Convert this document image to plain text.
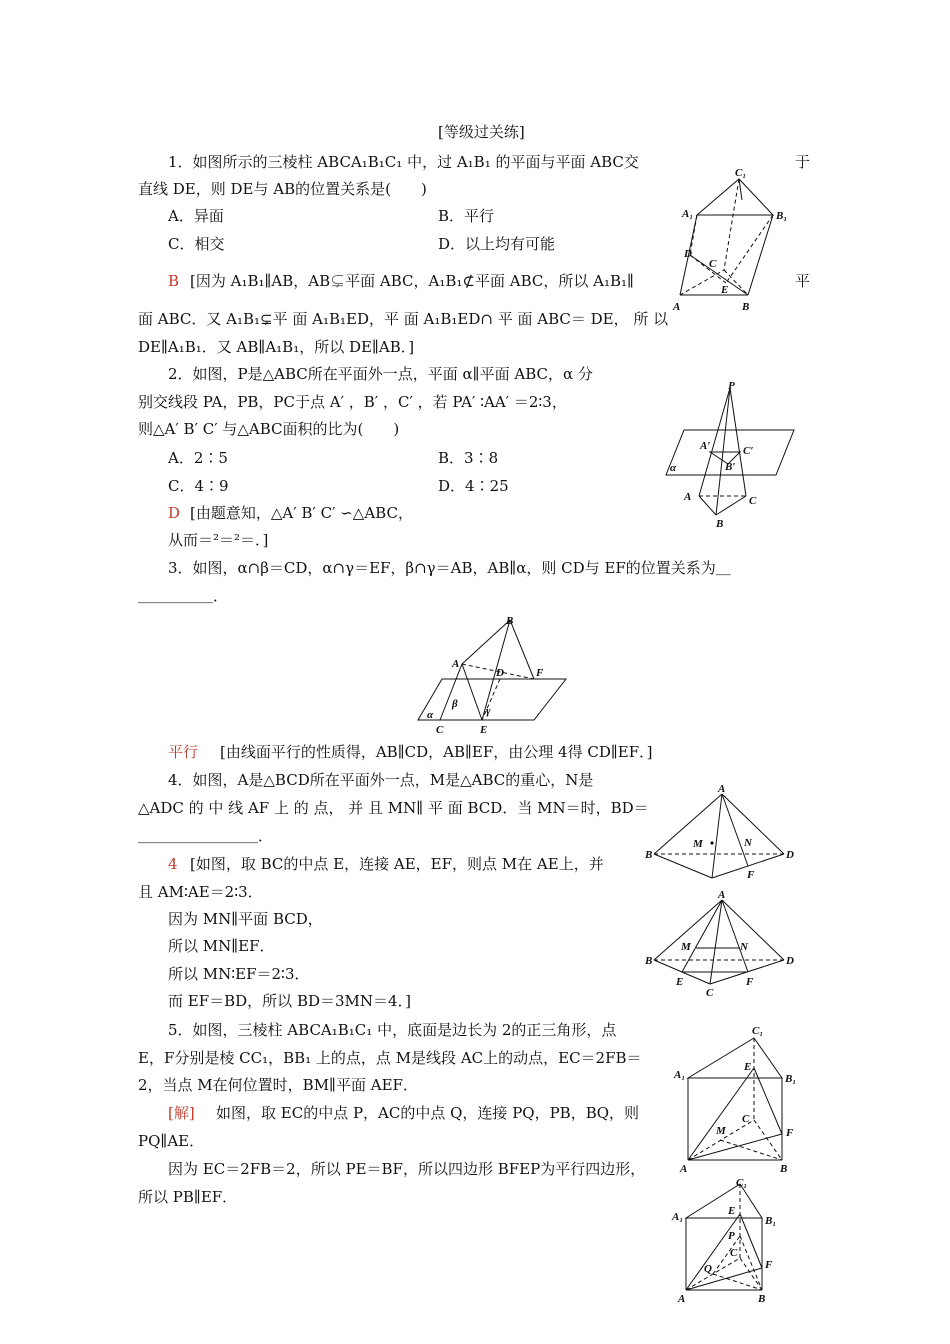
[等级过关练]
1．如图所示的三棱柱 ABCA₁B₁C₁ 中，过 A₁B₁ 的平面与平面 ABC交	于
直线 DE，则 DE与 AB的位置关系是(　　)
A．异面	B．平行
C．相交	D．以上均有可能
B [因为 A₁B₁∥AB，AB⊊平面 ABC，A₁B₁⊄平面 ABC，所以 A₁B₁∥	平
面 ABC．又 A₁B₁⊊平 面 A₁B₁ED，平 面 A₁B₁ED∩ 平 面 ABC＝ DE， 所 以
DE∥A₁B₁．又 AB∥A₁B₁，所以 DE∥AB．]
C₁
A₁	B₁
C
D
E
A	B
2．如图，P是△ABC所在平面外一点，平面 α∥平面 ABC，α 分
别交线段 PA，PB，PC于点 A′ ，B′ ，C′ ，若 PA′ ∶AA′ ＝2∶3，
则△A′ B′ C′ 与△ABC面积的比为(　　)
A．2∶5	B．3∶8
C．4∶9	D．4∶25
D [由题意知，△A′ B′ C′ ∽△ABC，
从而＝²＝²＝．]
P
A′	C′
B′
α
A	C
B
3．如图，α∩β＝CD，α∩γ＝EF，β∩γ＝AB，AB∥α，则 CD与 EF的位置关系为＿
＿＿＿＿＿．
B
A
D	F
α
β
γ
C	E
平行 [由线面平行的性质得，AB∥CD，AB∥EF，由公理 4得 CD∥EF．]
4．如图，A是△BCD所在平面外一点，M是△ABC的重心，N是
△ADC 的 中 线 AF 上 的 点， 并 且 MN∥ 平 面 BCD．当 MN＝时，BD＝
＿＿＿＿＿＿＿＿．
4 [如图，取 BC的中点 E，连接 AE，EF，则点 M在 AE上，并
且 AM∶AE＝2∶3．
因为 MN∥平面 BCD，
所以 MN∥EF．
所以 MN∶EF＝2∶3．
而 EF＝BD，所以 BD＝3MN＝4．]
A
M	N
B	D
F
A
M	N
B	D
E	F
C
5．如图，三棱柱 ABCA₁B₁C₁ 中，底面是边长为 2的正三角形，点
E，F分别是棱 CC₁，BB₁ 上的点，点 M是线段 AC上的动点，EC＝2FB＝
2，当点 M在何位置时，BM∥平面 AEF．
[解] 如图，取 EC的中点 P，AC的中点 Q，连接 PQ，PB，BQ，则
PQ∥AE．
因为 EC＝2FB＝2，所以 PE＝BF，所以四边形 BFEP为平行四边形，
所以 PB∥EF．
C₁
A₁
E
B₁
C
M	F
A	B
C₁
A₁	E
B₁
P
C
Q	F
A	B
